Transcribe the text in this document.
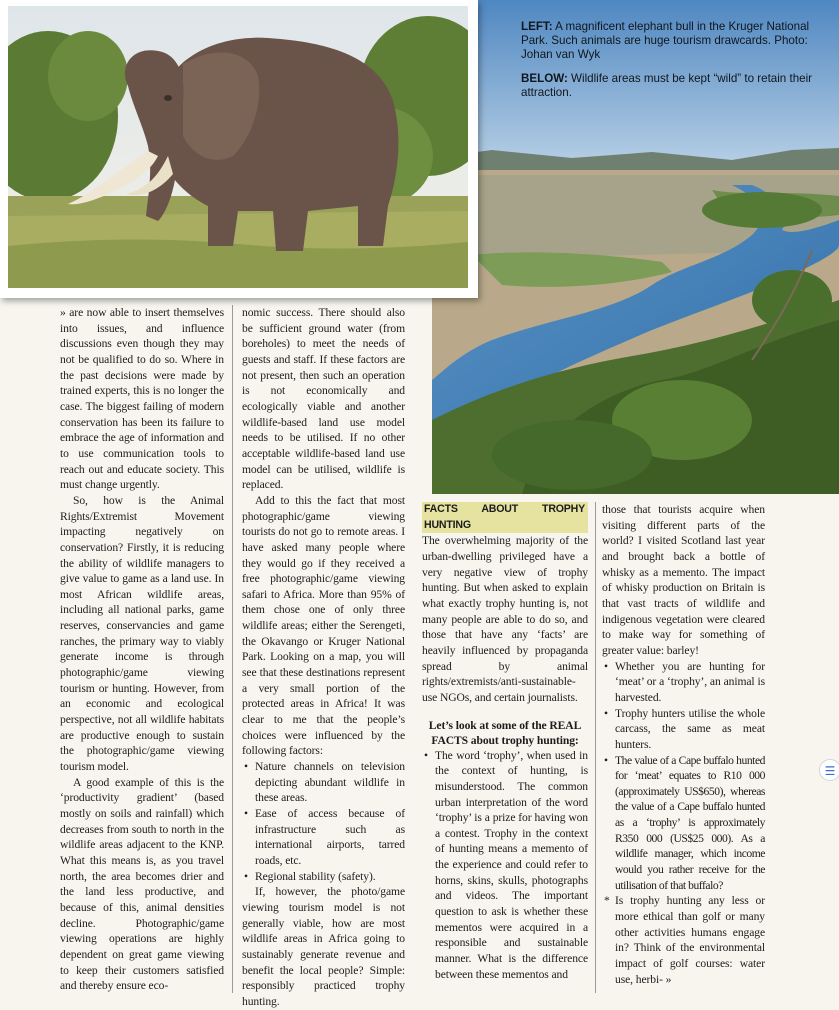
LEFT: A magnificent elephant bull in the Kruger National Park. Such animals are huge tourism drawcards. Photo: Johan van Wyk

BELOW: Wildlife areas must be kept “wild” to retain their attraction.

» are now able to insert themselves into issues, and influence discussions even though they may not be qualified to do so. Where in the past decisions were made by trained experts, this is no longer the case. The biggest failing of modern conservation has been its failure to embrace the age of information and to use communication tools to reach out and educate society. This must change urgently.

So, how is the Animal Rights/Extremist Movement impacting negatively on conservation? Firstly, it is reducing the ability of wildlife managers to give value to game as a land use. In most African wildlife areas, including all national parks, game reserves, conservancies and game ranches, the primary way to viably generate income is through photographic/game viewing tourism or hunting. However, from an economic and ecological perspective, not all wildlife habitats are productive enough to sustain the photographic/game viewing tourism model.

A good example of this is the ‘productivity gradient’ (based mostly on soils and rainfall) which decreases from south to north in the wildlife areas adjacent to the KNP. What this means is, as you travel north, the area becomes drier and the land less productive, and because of this, animal densities decline. Photographic/game viewing operations are highly dependent on great game viewing to keep their customers satisfied and thereby ensure eco-

nomic success. There should also be sufficient ground water (from boreholes) to meet the needs of guests and staff. If these factors are not present, then such an operation is not economically and ecologically viable and another wildlife-based land use model needs to be utilised. If no other acceptable wildlife-based land use model can be utilised, wildlife is replaced.

Add to this the fact that most photographic/game viewing tourists do not go to remote areas. I have asked many people where they would go if they received a free photographic/game viewing safari to Africa. More than 95% of them chose one of only three wildlife areas; either the Serengeti, the Okavango or Kruger National Park. Looking on a map, you will see that these destinations represent a very small portion of the protected areas in Africa! It was clear to me that the people’s choices were influenced by the following factors:

• Nature channels on television depicting abundant wildlife in these areas.
• Ease of access because of infrastructure such as international airports, tarred roads, etc.
• Regional stability (safety).

If, however, the photo/game viewing tourism model is not generally viable, how are most wildlife areas in Africa going to sustainably generate revenue and benefit the local people? Simple: responsibly practiced trophy hunting.

FACTS ABOUT TROPHY HUNTING

The overwhelming majority of the urban-dwelling privileged have a very negative view of trophy hunting. But when asked to explain what exactly trophy hunting is, not many people are able to do so, and those that have any ‘facts’ are heavily influenced by propaganda spread by animal rights/extremists/anti-sustainable-use NGOs, and certain journalists.

Let’s look at some of the REAL FACTS about trophy hunting:

• The word ‘trophy’, when used in the context of hunting, is misunderstood. The common urban interpretation of the word ‘trophy’ is a prize for having won a contest. Trophy in the context of hunting means a memento of the experience and could refer to horns, skins, skulls, photographs and videos. The important question to ask is whether these mementos were acquired in a responsible and sustainable manner. What is the difference between these mementos and

those that tourists acquire when visiting different parts of the world? I visited Scotland last year and brought back a bottle of whisky as a memento. The impact of whisky production on Britain is that vast tracts of wildlife and indigenous vegetation were cleared to make way for something of greater value: barley!

• Whether you are hunting for ‘meat’ or a ‘trophy’, an animal is harvested.
• Trophy hunters utilise the whole carcass, the same as meat hunters.
• The value of a Cape buffalo hunted for ‘meat’ equates to R10 000 (approximately US$650), whereas the value of a Cape buffalo hunted as a ‘trophy’ is approximately R350 000 (US$25 000). As a wildlife manager, which income would you rather receive for the utilisation of that buffalo?
* Is trophy hunting any less or more ethical than golf or many other activities humans engage in? Think of the environmental impact of golf courses: water use, herbi- »
☰
